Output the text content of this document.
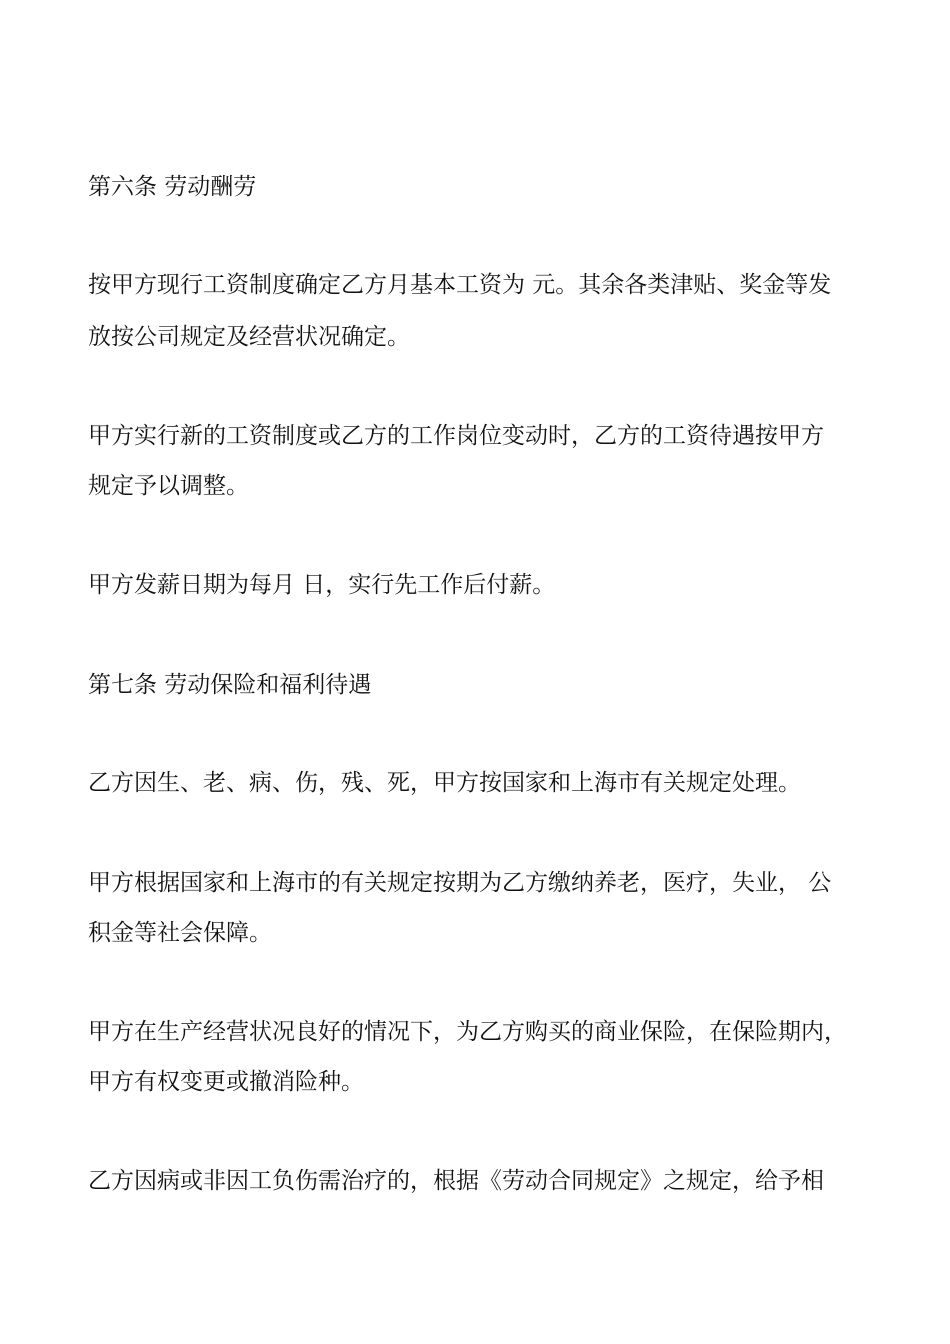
第六条 劳动酬劳

按甲方现行工资制度确定乙方月基本工资为 元。其余各类津贴、奖金等发

放按公司规定及经营状况确定。

甲方实行新的工资制度或乙方的工作岗位变动时，乙方的工资待遇按甲方

规定予以调整。

甲方发薪日期为每月 日，实行先工作后付薪。

第七条 劳动保险和福利待遇

乙方因生、老、病、伤，残、死，甲方按国家和上海市有关规定处理。

甲方根据国家和上海市的有关规定按期为乙方缴纳养老，医疗，失业， 公

积金等社会保障。

甲方在生产经营状况良好的情况下，为乙方购买的商业保险，在保险期内，

甲方有权变更或撤消险种。

乙方因病或非因工负伤需治疗的，根据《劳动合同规定》之规定，给予相
